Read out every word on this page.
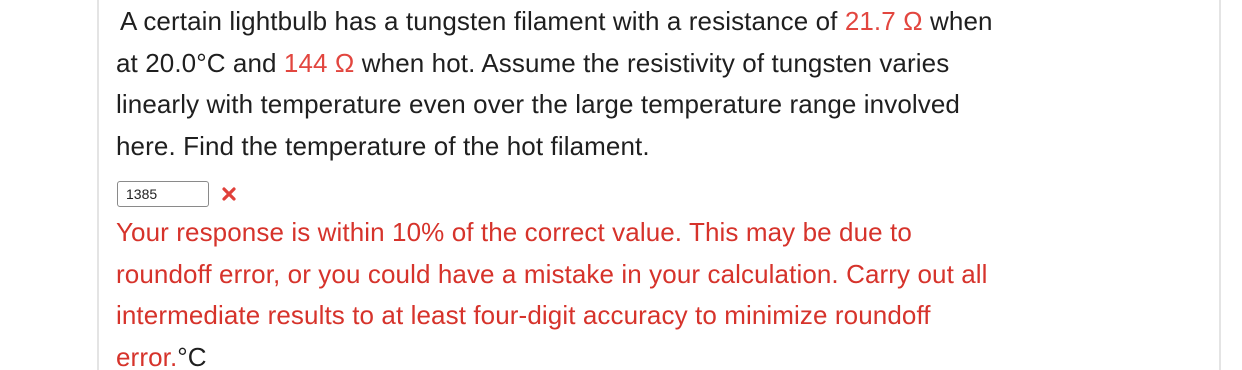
A certain lightbulb has a tungsten filament with a resistance of 21.7 Ω when
at 20.0°C and 144 Ω when hot. Assume the resistivity of tungsten varies
linearly with temperature even over the large temperature range involved
here. Find the temperature of the hot filament.
1385
Your response is within 10% of the correct value. This may be due to
roundoff error, or you could have a mistake in your calculation. Carry out all
intermediate results to at least four-digit accuracy to minimize roundoff
error.°C
